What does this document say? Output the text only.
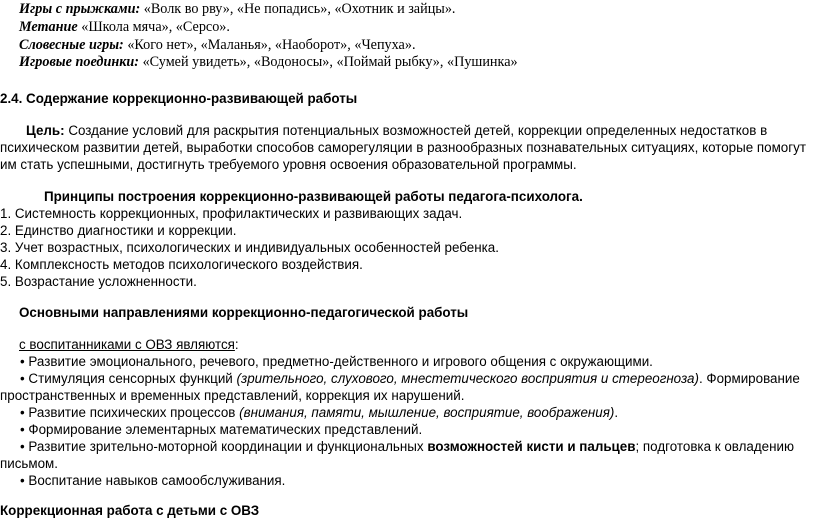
Игры с прыжками: «Волк во рву», «Не попадись», «Охотник и зайцы».
Метание «Школа мяча», «Серсо».
Словесные игры: «Кого нет», «Маланья», «Наоборот», «Чепуха».
Игровые поединки: «Сумей увидеть», «Водоносы», «Поймай рыбку», «Пушинка»
2.4. Содержание коррекционно-развивающей работы
Цель: Создание условий для раскрытия потенциальных возможностей детей, коррекции определенных недостатков в
психическом развитии детей, выработки способов саморегуляции в разнообразных познавательных ситуациях, которые помогут
им стать успешными, достигнуть требуемого уровня освоения образовательной программы.
Принципы построения коррекционно-развивающей работы педагога-психолога.
1. Системность коррекционных, профилактических и развивающих задач.
2. Единство диагностики и коррекции.
3. Учет возрастных, психологических и индивидуальных особенностей ребенка.
4. Комплексность методов психологического воздействия.
5. Возрастание усложненности.
Основными направлениями коррекционно-педагогической работы
с воспитанниками с ОВЗ являются:
• Развитие эмоционального, речевого, предметно-действенного и игрового общения с окружающими.
• Стимуляция сенсорных функций (зрительного, слухового, мнестетического восприятия и стереогноза). Формирование
пространственных и временных представлений, коррекция их нарушений.
• Развитие психических процессов (внимания, памяти, мышление, восприятие, воображения).
• Формирование элементарных математических представлений.
• Развитие зрительно-моторной координации и функциональных возможностей кисти и пальцев; подготовка к овладению
письмом.
• Воспитание навыков самообслуживания.
Коррекционная работа с детьми с ОВЗ
